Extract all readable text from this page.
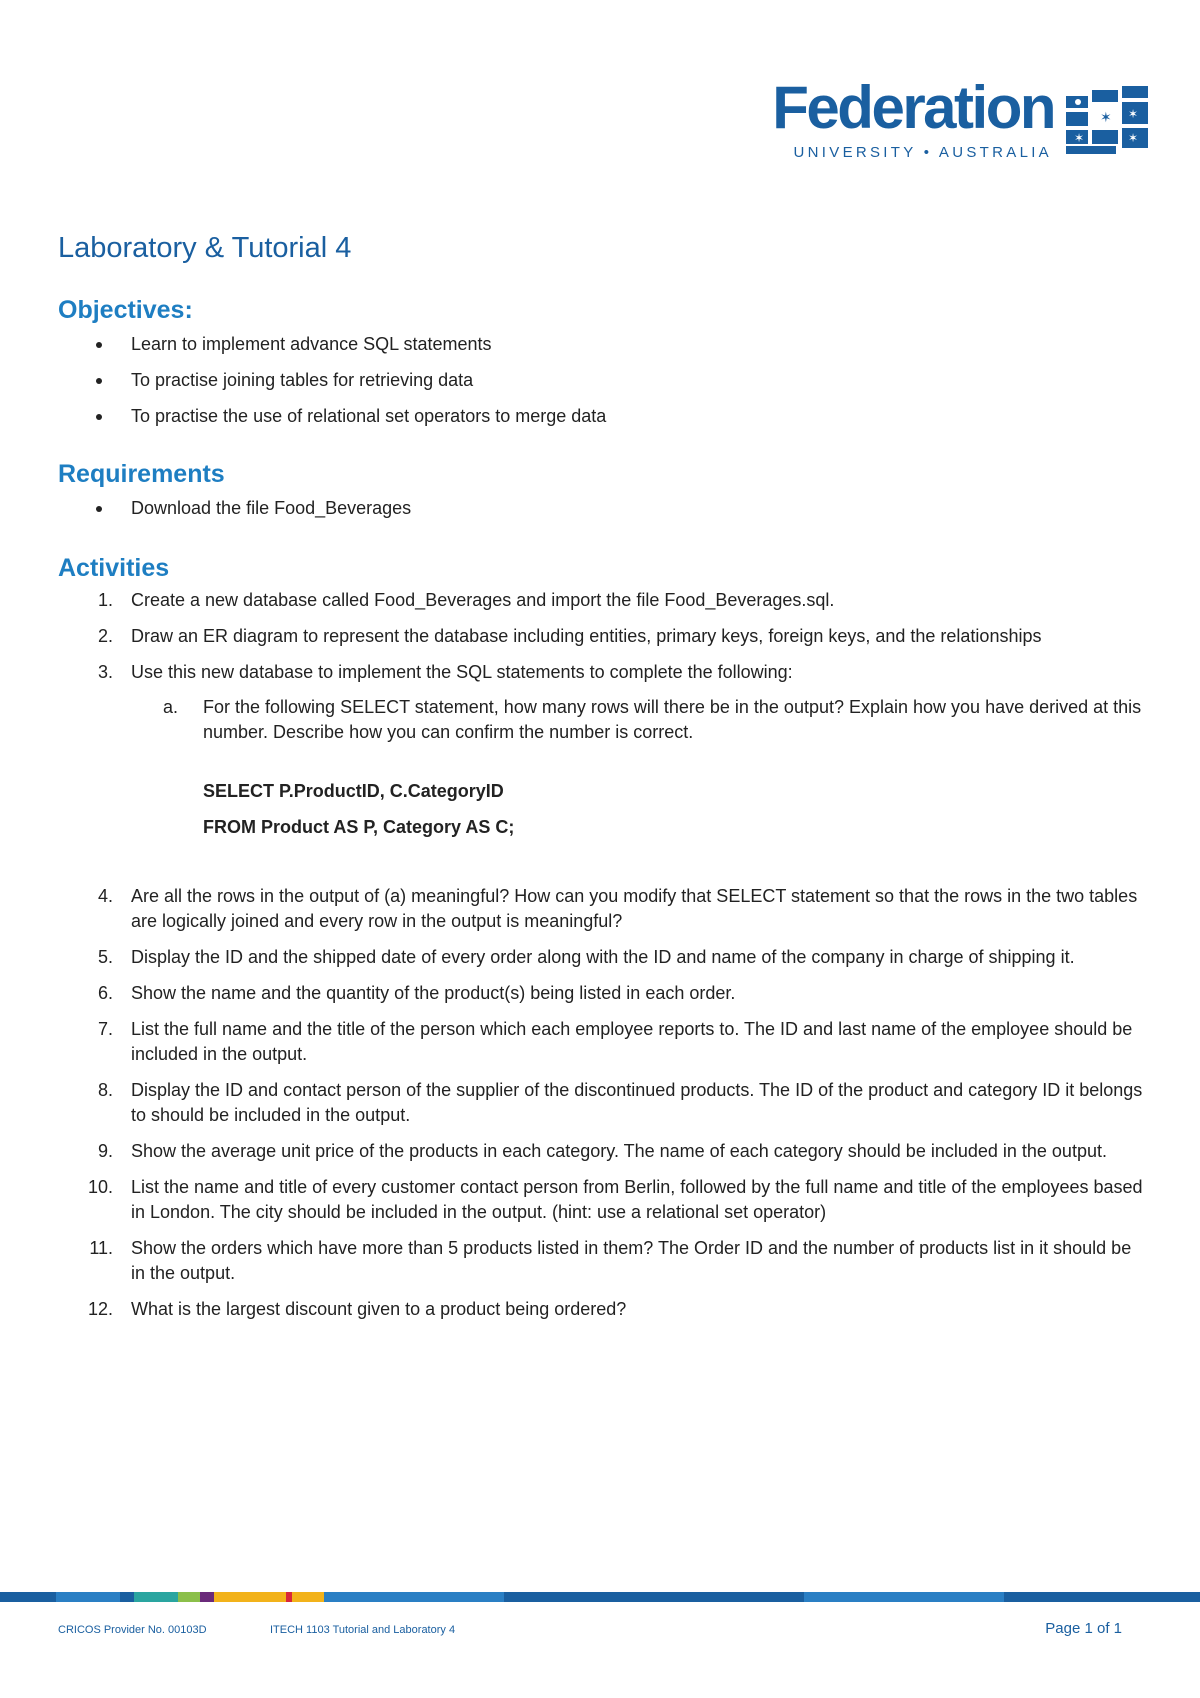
Federation
UNIVERSITY • AUSTRALIA
✶
✶
✶
✶
Laboratory & Tutorial 4
Objectives:
Learn to implement advance SQL statements
To practise joining tables for retrieving data
To practise the use of relational set operators to merge data
Requirements
Download the file Food_Beverages
Activities
1. Create a new database called Food_Beverages and import the file Food_Beverages.sql.
2. Draw an ER diagram to represent the database including entities, primary keys, foreign keys, and the relationships
3. Use this new database to implement the SQL statements to complete the following:
a. For the following SELECT statement, how many rows will there be in the output? Explain how you have derived at this number. Describe how you can confirm the number is correct.
SELECT P.ProductID, C.CategoryID
FROM Product AS P, Category AS C;
4. Are all the rows in the output of (a) meaningful? How can you modify that SELECT statement so that the rows in the two tables are logically joined and every row in the output is meaningful?
5. Display the ID and the shipped date of every order along with the ID and name of the company in charge of shipping it.
6. Show the name and the quantity of the product(s) being listed in each order.
7. List the full name and the title of the person which each employee reports to. The ID and last name of the employee should be included in the output.
8. Display the ID and contact person of the supplier of the discontinued products. The ID of the product and category ID it belongs to should be included in the output.
9. Show the average unit price of the products in each category. The name of each category should be included in the output.
10. List the name and title of every customer contact person from Berlin, followed by the full name and title of the employees based in London. The city should be included in the output. (hint: use a relational set operator)
11. Show the orders which have more than 5 products listed in them? The Order ID and the number of products list in it should be in the output.
12. What is the largest discount given to a product being ordered?
CRICOS Provider No. 00103D	ITECH 1103 Tutorial and Laboratory 4	Page 1 of 1
